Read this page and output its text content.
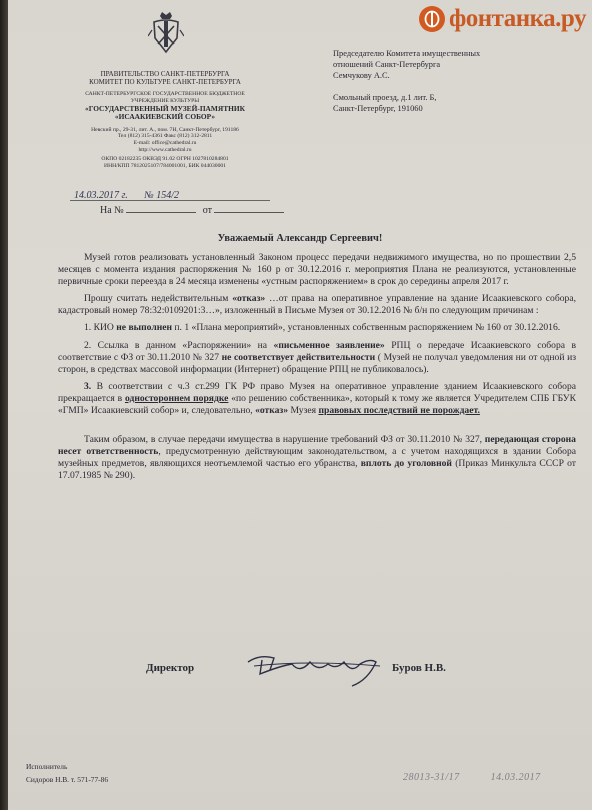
фонтанка.ру
ПРАВИТЕЛЬСТВО САНКТ-ПЕТЕРБУРГА
КОМИТЕТ ПО КУЛЬТУРЕ САНКТ-ПЕТЕРБУРГА
САНКТ-ПЕТЕРБУРГСКОЕ ГОСУДАРСТВЕННОЕ БЮДЖЕТНОЕ УЧРЕЖДЕНИЕ КУЛЬТУРЫ
«ГОСУДАРСТВЕННЫЙ МУЗЕЙ-ПАМЯТНИК
«ИСААКИЕВСКИЙ СОБОР»
Невский пр., 29-31, лит. А., пом. 7Н, Санкт-Петербург, 191186
Тел (812) 315-4361 Факс (812) 312-2811
E-mail: office@cathedral.ru
http://www.cathedral.ru
ОКПО 02182235 ОКВЭД 91.02 ОГРН 1027810284801
ИНН/КПП 7812025107/784001001, БИК 044030001
14.03.2017 г. № 154/2
На №	от
Председателю Комитета имущественных
отношений Санкт-Петербурга
Семчукову А.С.
Смольный проезд, д.1 лит. Б,
Санкт-Петербург, 191060
Уважаемый Александр Сергеевич!

Музей готов реализовать установленный Законом процесс передачи недвижимого имущества, но по прошествии 2,5 месяцев с момента издания распоряжения № 160 р от 30.12.2016 г. мероприятия Плана не реализуются, установленные первичные сроки переезда в 24 месяца изменены «устным распоряжением» в срок до середины апреля 2017 г.

Прошу считать недействительным «отказ» …от права на оперативное управление на здание Исаакиевского собора, кадастровый номер 78:32:0109201:3…», изложенный в Письме Музея от 30.12.2016 № б/н по следующим причинам :

1. КИО не выполнен п. 1 «Плана мероприятий», установленных собственным распоряжением № 160 от 30.12.2016.

2. Ссылка в данном «Распоряжении» на «письменное заявление» РПЦ о передаче Исаакиевского собора в соответствие с ФЗ от 30.11.2010 № 327 не соответствует действительности ( Музей не получал уведомления ни от одной из сторон, в средствах массовой информации (Интернет) обращение РПЦ не публиковалось).

3. В соответствии с ч.3 ст.299 ГК РФ право Музея на оперативное управление зданием Исаакиевского собора прекращается в одностороннем порядке «по решению собственника», который к тому же является Учредителем СПБ ГБУК «ГМП» Исаакиевский собор» и, следовательно, «отказ» Музея правовых последствий не порождает.

Таким образом, в случае передачи имущества в нарушение требований ФЗ от 30.11.2010 № 327, передающая сторона несет ответственность, предусмотренную действующим законодательством, а с учетом находящихся в здании Собора музейных предметов, являющихся неотъемлемой частью его убранства, вплоть до уголовной (Приказ Минкульта СССР от 17.07.1985 № 290).

Директор	Буров Н.В.
Исполнитель
Сидоров Н.В. т. 571-77-86	28013-31/17	14.03.2017
